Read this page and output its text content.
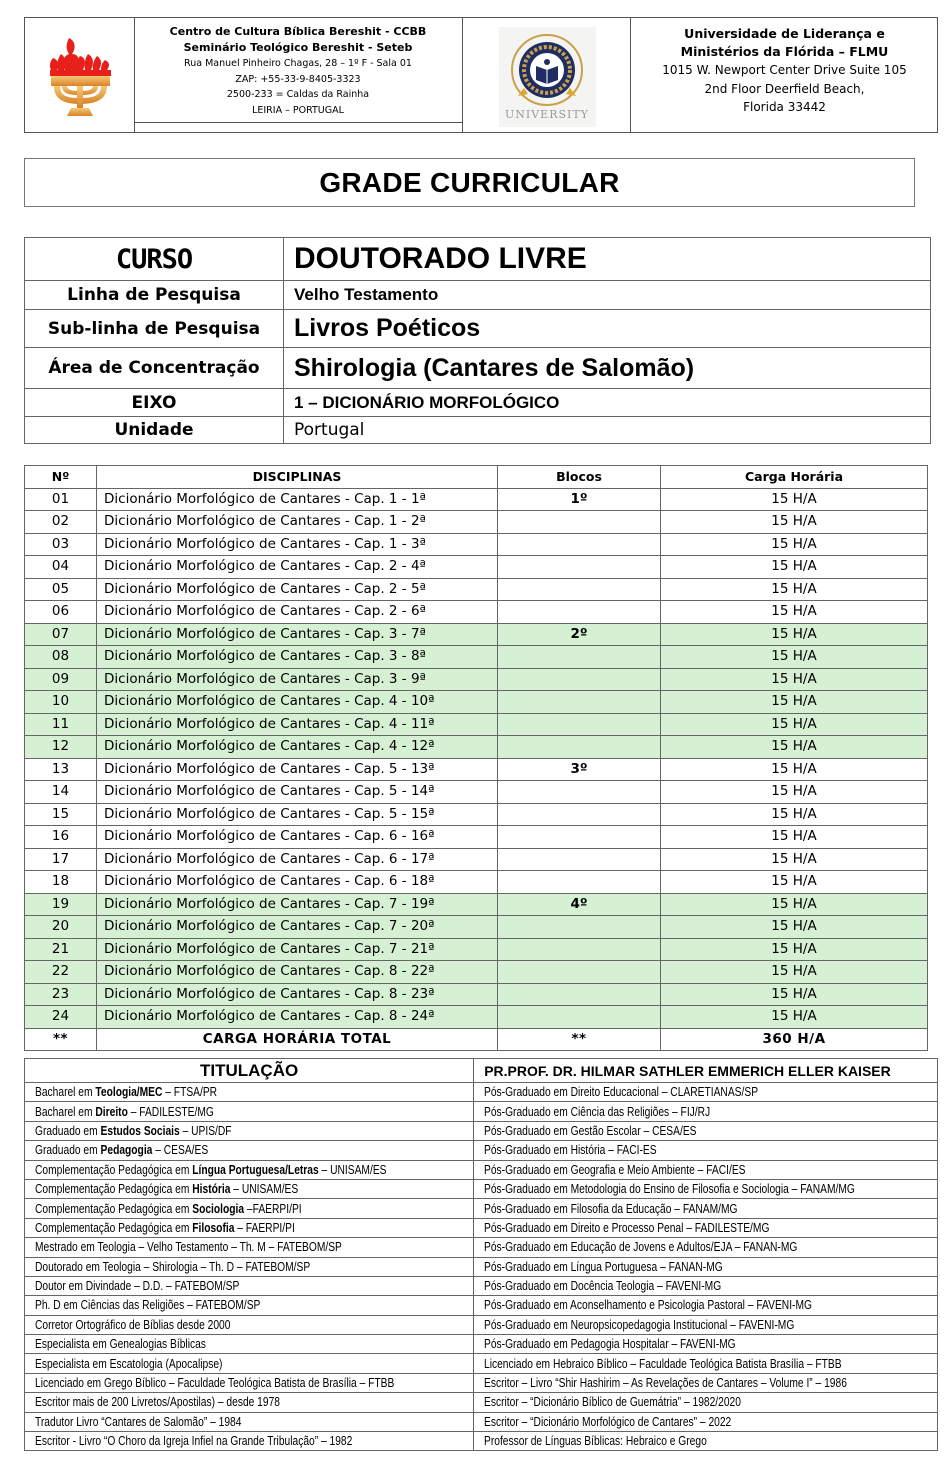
Centro de Cultura Bíblica Bereshit - CCBB
Seminário Teológico Bereshit - Seteb
Rua Manuel Pinheiro Chagas, 28 – 1º F - Sala 01
ZAP: +55-33-9-8405-3323
2500-233 = Caldas da Rainha
LEIRIA – PORTUGAL	UNIVERSITY
Universidade de Liderança e
Ministérios da Flórida – FLMU
1015 W. Newport Center Drive Suite 105
2nd Floor Deerfield Beach,
Florida 33442
GRADE CURRICULAR
CURSO	DOUTORADO LIVRE
Linha de Pesquisa	Velho Testamento
Sub-linha de Pesquisa	Livros Poéticos
Área de Concentração	Shirologia (Cantares de Salomão)
EIXO	1 – DICIONÁRIO MORFOLÓGICO
Unidade	Portugal
Nº	DISCIPLINAS	Blocos	Carga Horária
01	Dicionário Morfológico de Cantares - Cap. 1 - 1ª	1º	15 H/A
02	Dicionário Morfológico de Cantares - Cap. 1 - 2ª		15 H/A
03	Dicionário Morfológico de Cantares - Cap. 1 - 3ª		15 H/A
04	Dicionário Morfológico de Cantares - Cap. 2 - 4ª		15 H/A
05	Dicionário Morfológico de Cantares - Cap. 2 - 5ª		15 H/A
06	Dicionário Morfológico de Cantares - Cap. 2 - 6ª		15 H/A
07	Dicionário Morfológico de Cantares - Cap. 3 - 7ª	2º	15 H/A
08	Dicionário Morfológico de Cantares - Cap. 3 - 8ª		15 H/A
09	Dicionário Morfológico de Cantares - Cap. 3 - 9ª		15 H/A
10	Dicionário Morfológico de Cantares - Cap. 4 - 10ª		15 H/A
11	Dicionário Morfológico de Cantares - Cap. 4 - 11ª		15 H/A
12	Dicionário Morfológico de Cantares - Cap. 4 - 12ª		15 H/A
13	Dicionário Morfológico de Cantares - Cap. 5 - 13ª	3º	15 H/A
14	Dicionário Morfológico de Cantares - Cap. 5 - 14ª		15 H/A
15	Dicionário Morfológico de Cantares - Cap. 5 - 15ª		15 H/A
16	Dicionário Morfológico de Cantares - Cap. 6 - 16ª		15 H/A
17	Dicionário Morfológico de Cantares - Cap. 6 - 17ª		15 H/A
18	Dicionário Morfológico de Cantares - Cap. 6 - 18ª		15 H/A
19	Dicionário Morfológico de Cantares - Cap. 7 - 19ª	4º	15 H/A
20	Dicionário Morfológico de Cantares - Cap. 7 - 20ª		15 H/A
21	Dicionário Morfológico de Cantares - Cap. 7 - 21ª		15 H/A
22	Dicionário Morfológico de Cantares - Cap. 8 - 22ª		15 H/A
23	Dicionário Morfológico de Cantares - Cap. 8 - 23ª		15 H/A
24	Dicionário Morfológico de Cantares - Cap. 8 - 24ª		15 H/A
**	CARGA HORÁRIA TOTAL	**	360 H/A
TITULAÇÃO	PR.PROF. DR. HILMAR SATHLER EMMERICH ELLER KAISER
Bacharel em Teologia/MEC – FTSA/PR	Pós-Graduado em Direito Educacional – CLARETIANAS/SP
Bacharel em Direito – FADILESTE/MG	Pós-Graduado em Ciência das Religiões – FIJ/RJ
Graduado em Estudos Sociais – UPIS/DF	Pós-Graduado em Gestão Escolar – CESA/ES
Graduado em Pedagogia – CESA/ES	Pós-Graduado em História – FACI-ES
Complementação Pedagógica em Língua Portuguesa/Letras – UNISAM/ES	Pós-Graduado em Geografia e Meio Ambiente – FACI/ES
Complementação Pedagógica em História – UNISAM/ES	Pós-Graduado em Metodologia do Ensino de Filosofia e Sociologia – FANAM/MG
Complementação Pedagógica em Sociologia –FAERPI/PI	Pós-Graduado em Filosofia da Educação – FANAM/MG
Complementação Pedagógica em Filosofia – FAERPI/PI	Pós-Graduado em Direito e Processo Penal – FADILESTE/MG
Mestrado em Teologia – Velho Testamento – Th. M – FATEBOM/SP	Pós-Graduado em Educação de Jovens e Adultos/EJA – FANAN-MG
Doutorado em Teologia – Shirologia – Th. D – FATEBOM/SP	Pós-Graduado em Língua Portuguesa – FANAN-MG
Doutor em Divindade – D.D. – FATEBOM/SP	Pós-Graduado em Docência Teologia – FAVENI-MG
Ph. D em Ciências das Religiões – FATEBOM/SP	Pós-Graduado em Aconselhamento e Psicologia Pastoral – FAVENI-MG
Corretor Ortográfico de Bíblias desde 2000	Pós-Graduado em Neuropsicopedagogia Institucional – FAVENI-MG
Especialista em Genealogias Bíblicas	Pós-Graduado em Pedagogia Hospitalar – FAVENI-MG
Especialista em Escatologia (Apocalipse)	Licenciado em Hebraico Bíblico – Faculdade Teológica Batista Brasília – FTBB
Licenciado em Grego Bíblico – Faculdade Teológica Batista de Brasília – FTBB	Escritor – Livro “Shir Hashirim – As Revelações de Cantares – Volume I” – 1986
Escritor mais de 200 Livretos/Apostilas) – desde 1978	Escritor – “Dicionário Bíblico de Guemátria” – 1982/2020
Tradutor Livro “Cantares de Salomão” – 1984	Escritor – “Dicionário Morfológico de Cantares” – 2022
Escritor - Livro “O Choro da Igreja Infiel na Grande Tribulação” – 1982	Professor de Línguas Bíblicas: Hebraico e Grego
